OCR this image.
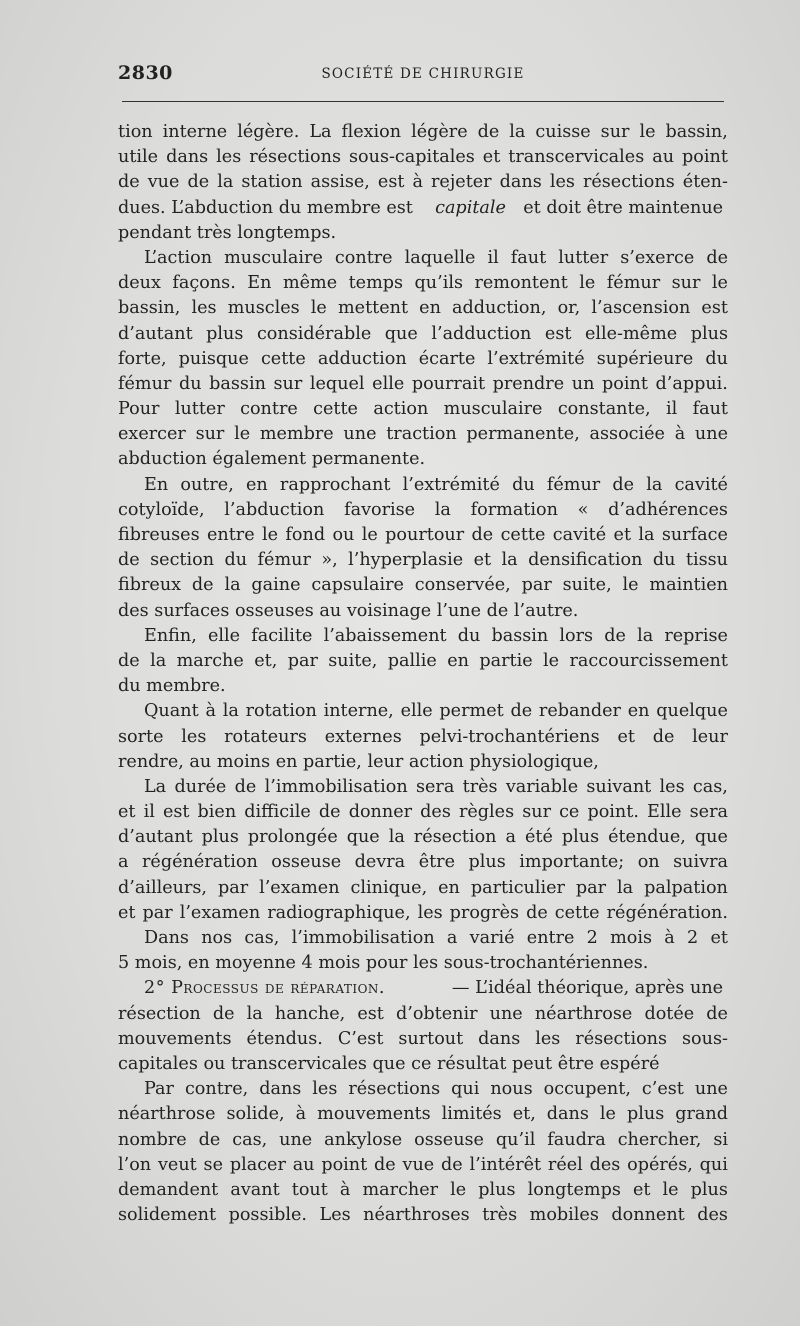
2830	SOCIÉTÉ DE CHIRURGIE
tion interne légère. La flexion légère de la cuisse sur le bassin,
utile dans les résections sous-capitales et transcervicales au point
de vue de la station assise, est à rejeter dans les résections éten-
dues. L’abduction du membre est capitale et doit être maintenue
pendant très longtemps.
L’action musculaire contre laquelle il faut lutter s’exerce de
deux façons. En même temps qu’ils remontent le fémur sur le
bassin, les muscles le mettent en adduction, or, l’ascension est
d’autant plus considérable que l’adduction est elle-même plus
forte, puisque cette adduction écarte l’extrémité supérieure du
fémur du bassin sur lequel elle pourrait prendre un point d’appui.
Pour lutter contre cette action musculaire constante, il faut
exercer sur le membre une traction permanente, associée à une
abduction également permanente.
En outre, en rapprochant l’extrémité du fémur de la cavité
cotyloïde, l’abduction favorise la formation « d’adhérences
fibreuses entre le fond ou le pourtour de cette cavité et la surface
de section du fémur », l’hyperplasie et la densification du tissu
fibreux de la gaine capsulaire conservée, par suite, le maintien
des surfaces osseuses au voisinage l’une de l’autre.
Enfin, elle facilite l’abaissement du bassin lors de la reprise
de la marche et, par suite, pallie en partie le raccourcissement
du membre.
Quant à la rotation interne, elle permet de rebander en quelque
sorte les rotateurs externes pelvi-trochantériens et de leur
rendre, au moins en partie, leur action physiologique,
La durée de l’immobilisation sera très variable suivant les cas,
et il est bien difficile de donner des règles sur ce point. Elle sera
d’autant plus prolongée que la résection a été plus étendue, que
a régénération osseuse devra être plus importante; on suivra
d’ailleurs, par l’examen clinique, en particulier par la palpation
et par l’examen radiographique, les progrès de cette régénération.
Dans nos cas, l’immobilisation a varié entre 2 mois à 2 et
5 mois, en moyenne 4 mois pour les sous-trochantériennes.
2° Processus de réparation.	— L’idéal théorique, après une
résection de la hanche, est d’obtenir une néarthrose dotée de
mouvements étendus. C’est surtout dans les résections sous-
capitales ou transcervicales que ce résultat peut être espéré
Par contre, dans les résections qui nous occupent, c’est une
néarthrose solide, à mouvements limités et, dans le plus grand
nombre de cas, une ankylose osseuse qu’il faudra chercher, si
l’on veut se placer au point de vue de l’intérêt réel des opérés, qui
demandent avant tout à marcher le plus longtemps et le plus
solidement possible. Les néarthroses très mobiles donnent des
